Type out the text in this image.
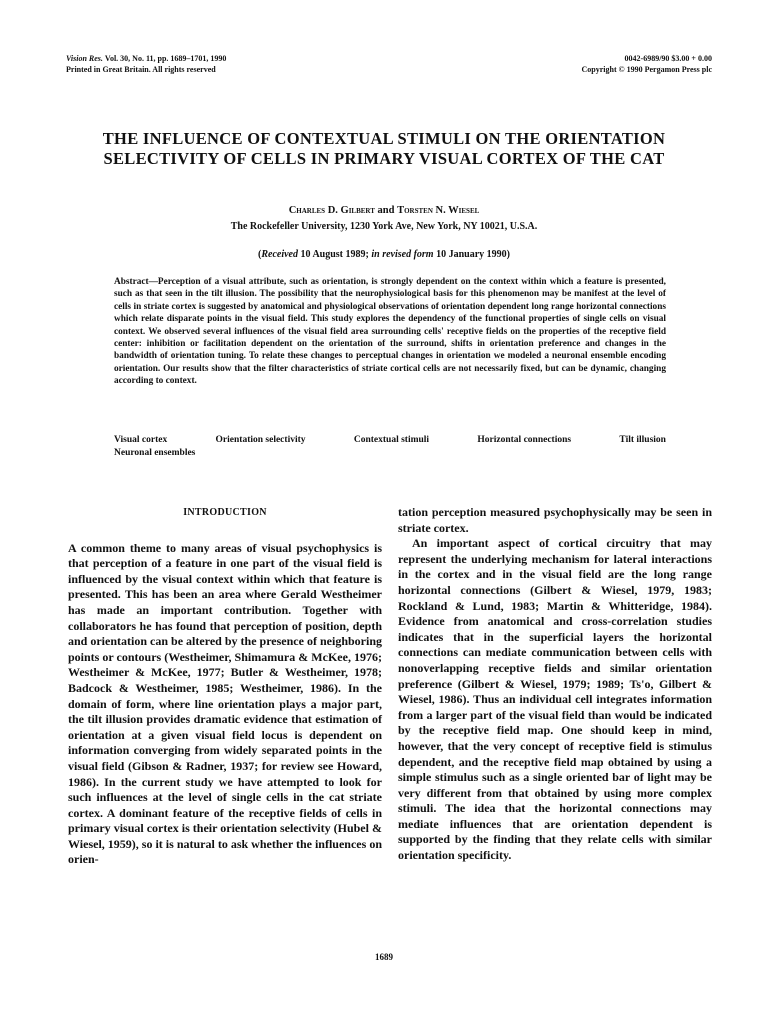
Vision Res. Vol. 30, No. 11, pp. 1689–1701, 1990
Printed in Great Britain. All rights reserved
0042-6989/90 $3.00 + 0.00
Copyright © 1990 Pergamon Press plc
THE INFLUENCE OF CONTEXTUAL STIMULI ON THE ORIENTATION SELECTIVITY OF CELLS IN PRIMARY VISUAL CORTEX OF THE CAT
Charles D. Gilbert and Torsten N. Wiesel
The Rockefeller University, 1230 York Ave, New York, NY 10021, U.S.A.
(Received 10 August 1989; in revised form 10 January 1990)
Abstract—Perception of a visual attribute, such as orientation, is strongly dependent on the context within which a feature is presented, such as that seen in the tilt illusion. The possibility that the neurophysiological basis for this phenomenon may be manifest at the level of cells in striate cortex is suggested by anatomical and physiological observations of orientation dependent long range horizontal connections which relate disparate points in the visual field. This study explores the dependency of the functional properties of single cells on visual context. We observed several influences of the visual field area surrounding cells' receptive fields on the properties of the receptive field center: inhibition or facilitation dependent on the orientation of the surround, shifts in orientation preference and changes in the bandwidth of orientation tuning. To relate these changes to perceptual changes in orientation we modeled a neuronal ensemble encoding orientation. Our results show that the filter characteristics of striate cortical cells are not necessarily fixed, but can be dynamic, changing according to context.
Visual cortex	Orientation selectivity	Contextual stimuli	Horizontal connections	Tilt illusion
Neuronal ensembles
INTRODUCTION

A common theme to many areas of visual psychophysics is that perception of a feature in one part of the visual field is influenced by the visual context within which that feature is presented. This has been an area where Gerald Westheimer has made an important contribution. Together with collaborators he has found that perception of position, depth and orientation can be altered by the presence of neighboring points or contours (Westheimer, Shimamura & McKee, 1976; Westheimer & McKee, 1977; Butler & Westheimer, 1978; Badcock & Westheimer, 1985; Westheimer, 1986). In the domain of form, where line orientation plays a major part, the tilt illusion provides dramatic evidence that estimation of orientation at a given visual field locus is dependent on information converging from widely separated points in the visual field (Gibson & Radner, 1937; for review see Howard, 1986). In the current study we have attempted to look for such influences at the level of single cells in the cat striate cortex. A dominant feature of the receptive fields of cells in primary visual cortex is their orientation selectivity (Hubel & Wiesel, 1959), so it is natural to ask whether the influences on orien-

tation perception measured psychophysically may be seen in striate cortex.

An important aspect of cortical circuitry that may represent the underlying mechanism for lateral interactions in the cortex and in the visual field are the long range horizontal connections (Gilbert & Wiesel, 1979, 1983; Rockland & Lund, 1983; Martin & Whitteridge, 1984). Evidence from anatomical and cross-correlation studies indicates that in the superficial layers the horizontal connections can mediate communication between cells with nonoverlapping receptive fields and similar orientation preference (Gilbert & Wiesel, 1979; 1989; Ts'o, Gilbert & Wiesel, 1986). Thus an individual cell integrates information from a larger part of the visual field than would be indicated by the receptive field map. One should keep in mind, however, that the very concept of receptive field is stimulus dependent, and the receptive field map obtained by using a simple stimulus such as a single oriented bar of light may be very different from that obtained by using more complex stimuli. The idea that the horizontal connections may mediate influences that are orientation dependent is supported by the finding that they relate cells with similar orientation specificity.

1689
